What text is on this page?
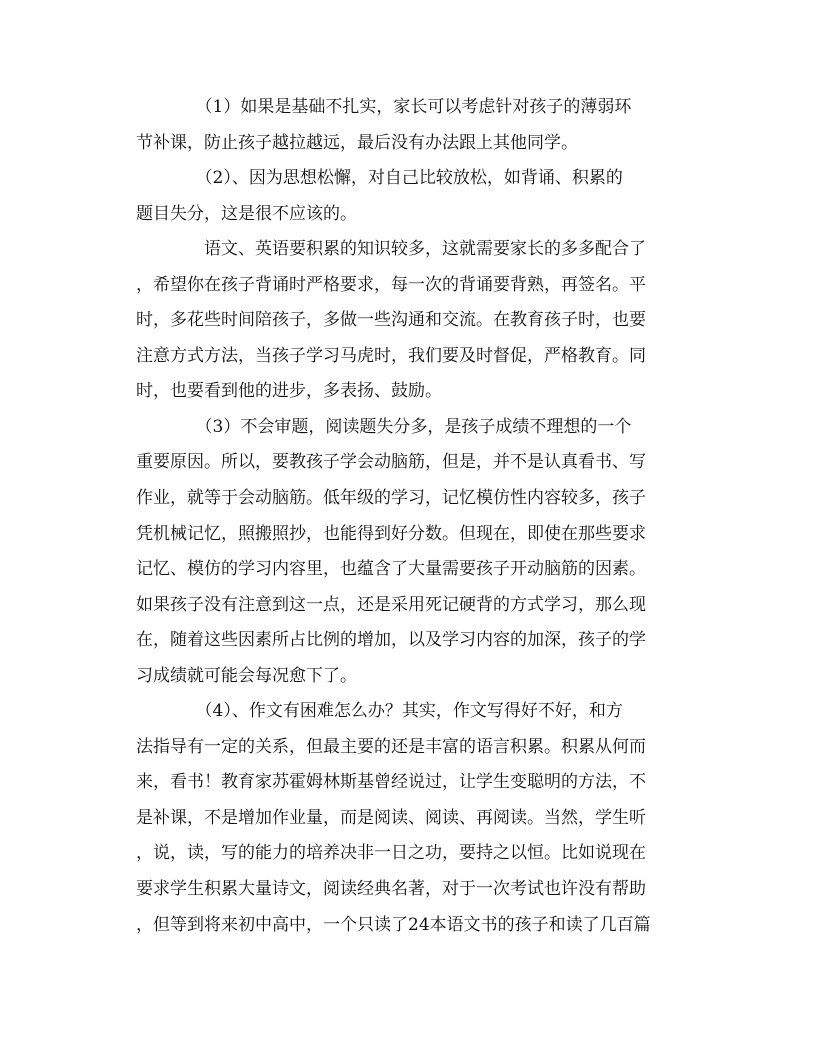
　　　　（1）如果是基础不扎实，家长可以考虑针对孩子的薄弱环
节补课，防止孩子越拉越远，最后没有办法跟上其他同学。
　　　　（2）、因为思想松懈，对自己比较放松，如背诵、积累的
题目失分，这是很不应该的。
　　　　语文、英语要积累的知识较多，这就需要家长的多多配合了
，希望你在孩子背诵时严格要求，每一次的背诵要背熟，再签名。平
时，多花些时间陪孩子，多做一些沟通和交流。在教育孩子时，也要
注意方式方法，当孩子学习马虎时，我们要及时督促，严格教育。同
时，也要看到他的进步，多表扬、鼓励。
　　　　（3）不会审题，阅读题失分多，是孩子成绩不理想的一个
重要原因。所以，要教孩子学会动脑筋，但是，并不是认真看书、写
作业，就等于会动脑筋。低年级的学习，记忆模仿性内容较多，孩子
凭机械记忆，照搬照抄，也能得到好分数。但现在，即使在那些要求
记忆、模仿的学习内容里，也蕴含了大量需要孩子开动脑筋的因素。
如果孩子没有注意到这一点，还是采用死记硬背的方式学习，那么现
在，随着这些因素所占比例的增加，以及学习内容的加深，孩子的学
习成绩就可能会每况愈下了。
　　　　（4）、作文有困难怎么办？其实，作文写得好不好，和方
法指导有一定的关系，但最主要的还是丰富的语言积累。积累从何而
来，看书！教育家苏霍姆林斯基曾经说过，让学生变聪明的方法，不
是补课，不是增加作业量，而是阅读、阅读、再阅读。当然，学生听
，说，读，写的能力的培养决非一日之功，要持之以恒。比如说现在
要求学生积累大量诗文，阅读经典名著，对于一次考试也许没有帮助
，但等到将来初中高中，一个只读了24本语文书的孩子和读了几百篇
